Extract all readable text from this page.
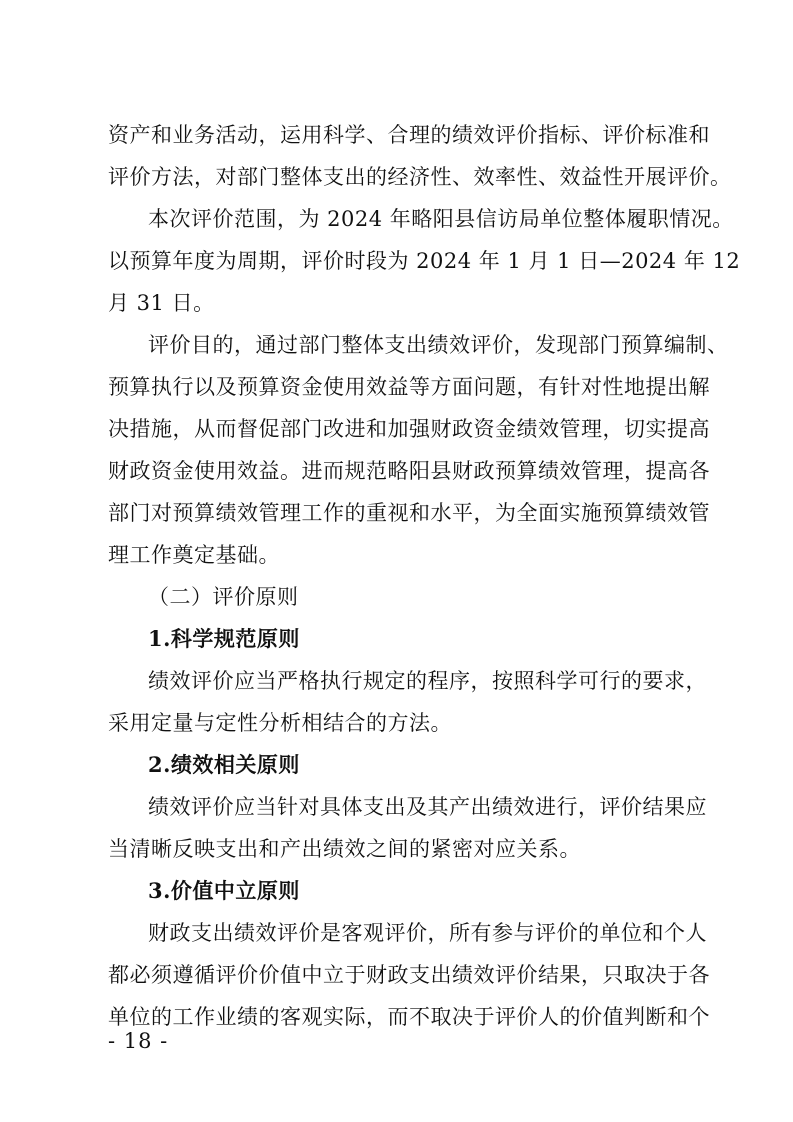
资产和业务活动，运用科学、合理的绩效评价指标、评价标准和
评价方法，对部门整体支出的经济性、效率性、效益性开展评价。
本次评价范围，为 2024 年略阳县信访局单位整体履职情况。
以预算年度为周期，评价时段为 2024 年 1 月 1 日—2024 年 12
月 31 日。
评价目的，通过部门整体支出绩效评价，发现部门预算编制、
预算执行以及预算资金使用效益等方面问题，有针对性地提出解
决措施，从而督促部门改进和加强财政资金绩效管理，切实提高
财政资金使用效益。进而规范略阳县财政预算绩效管理，提高各
部门对预算绩效管理工作的重视和水平，为全面实施预算绩效管
理工作奠定基础。
（二）评价原则
1.科学规范原则
绩效评价应当严格执行规定的程序，按照科学可行的要求，
采用定量与定性分析相结合的方法。
2.绩效相关原则
绩效评价应当针对具体支出及其产出绩效进行，评价结果应
当清晰反映支出和产出绩效之间的紧密对应关系。
3.价值中立原则
财政支出绩效评价是客观评价，所有参与评价的单位和个人
都必须遵循评价价值中立于财政支出绩效评价结果，只取决于各
单位的工作业绩的客观实际，而不取决于评价人的价值判断和个
- 18 -
